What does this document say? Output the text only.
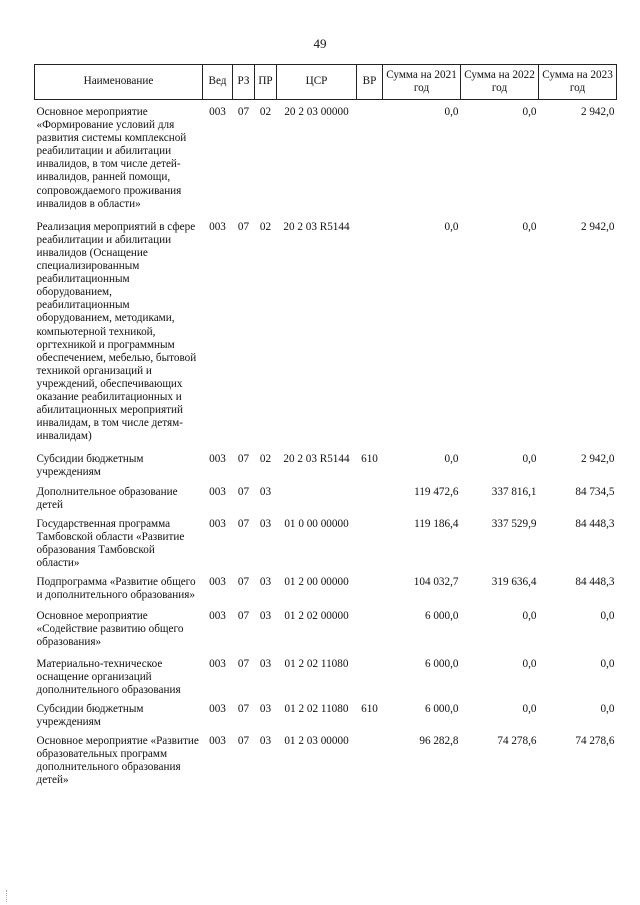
49
Наименование	Вед	РЗ	ПР	ЦСР	ВР	Сумма на 2021 год	Сумма на 2022 год	Сумма на 2023 год
Основное мероприятие «Формирование условий для развития системы комплексной реабилитации и абилитации инвалидов, в том числе детей-инвалидов, ранней помощи, сопровождаемого проживания инвалидов в области»	003	07	02	20 2 03 00000		0,0	0,0	2 942,0
Реализация мероприятий в сфере реабилитации и абилитации инвалидов (Оснащение специализированным реабилитационным оборудованием, реабилитационным оборудованием, методиками, компьютерной техникой, оргтехникой и программным обеспечением, мебелью, бытовой техникой организаций и учреждений, обеспечивающих оказание реабилитационных и абилитационных мероприятий инвалидам, в том числе детям-инвалидам)	003	07	02	20 2 03 R5144		0,0	0,0	2 942,0
Субсидии бюджетным учреждениям	003	07	02	20 2 03 R5144	610	0,0	0,0	2 942,0
Дополнительное образование детей	003	07	03			119 472,6	337 816,1	84 734,5
Государственная программа Тамбовской области «Развитие образования Тамбовской области»	003	07	03	01 0 00 00000		119 186,4	337 529,9	84 448,3
Подпрограмма «Развитие общего и дополнительного образования»	003	07	03	01 2 00 00000		104 032,7	319 636,4	84 448,3
Основное мероприятие «Содействие развитию общего образования»	003	07	03	01 2 02 00000		6 000,0	0,0	0,0
Материально-техническое оснащение организаций дополнительного образования	003	07	03	01 2 02 11080		6 000,0	0,0	0,0
Субсидии бюджетным учреждениям	003	07	03	01 2 02 11080	610	6 000,0	0,0	0,0
Основное мероприятие «Развитие образовательных программ дополнительного образования детей»	003	07	03	01 2 03 00000		96 282,8	74 278,6	74 278,6
